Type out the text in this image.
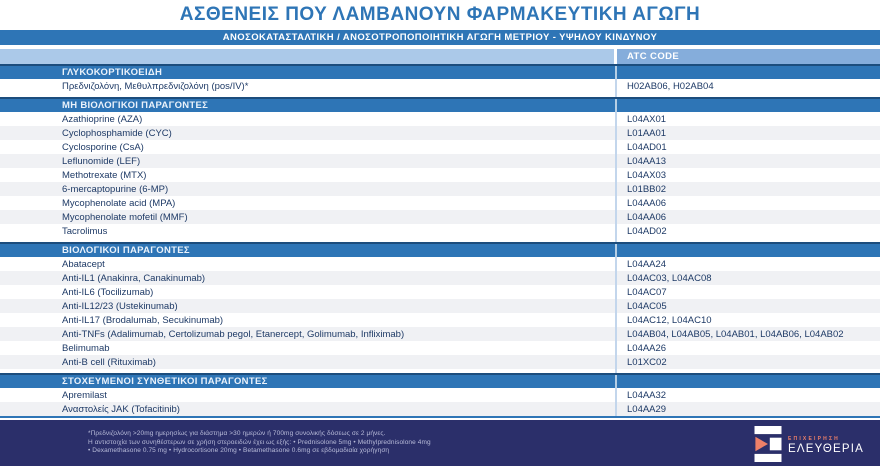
ΑΣΘΕΝΕΙΣ ΠΟΥ ΛΑΜΒΑΝΟΥΝ ΦΑΡΜΑΚΕΥΤΙΚΗ ΑΓΩΓΗ
ΑΝΟΣΟΚΑΤΑΣΤΑΛΤΙΚΗ / ΑΝΟΣΟΤΡΟΠΟΠΟΙΗΤΙΚΗ ΑΓΩΓΗ ΜΕΤΡΙΟΥ - ΥΨΗΛΟΥ ΚΙΝΔΥΝΟΥ
ATC CODE
ΓΛΥΚΟΚΟΡΤΙΚΟΕΙΔΗ
Πρεδνιζολόνη, Μεθυλπρεδνιζολόνη (pos/IV)*	H02AB06, H02AB04
ΜΗ ΒΙΟΛΟΓΙΚΟΙ ΠΑΡΑΓΟΝΤΕΣ
Azathioprine (AZA)	L04AX01
Cyclophosphamide (CYC)	L01AA01
Cyclosporine (CsA)	L04AD01
Leflunomide (LEF)	L04AA13
Methotrexate (MTX)	L04AX03
6-mercaptopurine (6-MP)	L01BB02
Mycophenolate acid (MPA)	L04AA06
Mycophenolate mofetil (MMF)	L04AA06
Tacrolimus	L04AD02
ΒΙΟΛΟΓΙΚΟΙ ΠΑΡΑΓΟΝΤΕΣ
Abatacept	L04AA24
Anti-IL1 (Anakinra, Canakinumab)	L04AC03, L04AC08
Anti-IL6 (Tocilizumab)	L04AC07
Anti-IL12/23 (Ustekinumab)	L04AC05
Anti-IL17 (Brodalumab, Secukinumab)	L04AC12, L04AC10
Anti-TNFs (Adalimumab, Certolizumab pegol, Etanercept, Golimumab, Infliximab)	L04AB04, L04AB05, L04AB01, L04AB06, L04AB02
Belimumab	L04AA26
Anti-B cell (Rituximab)	L01XC02
ΣΤΟΧΕΥΜΕΝΟΙ ΣΥΝΘΕΤΙΚΟΙ ΠΑΡΑΓΟΝΤΕΣ
Apremilast	L04AA32
Αναστολείς JAK (Tofacitinib)	L04AA29
*Πρεδνιζολόνη >20mg ημερησίως για διάστημα >30 ημερών ή 700mg συνολικής δόσεως σε 2 μήνες.
Η αντιστοιχία των συνηθέστερων σε χρήση στεροειδών έχει ως εξής: • Prednisolone 5mg • Methylprednisolone 4mg
• Dexamethasone 0.75 mg • Hydrocortisone 20mg • Betamethasone 0.6mg σε εβδομαδιαία χορήγηση
ΕΠΙΧΕΙΡΗΣΗ
ΕΛΕΥΘΕΡΙΑ
